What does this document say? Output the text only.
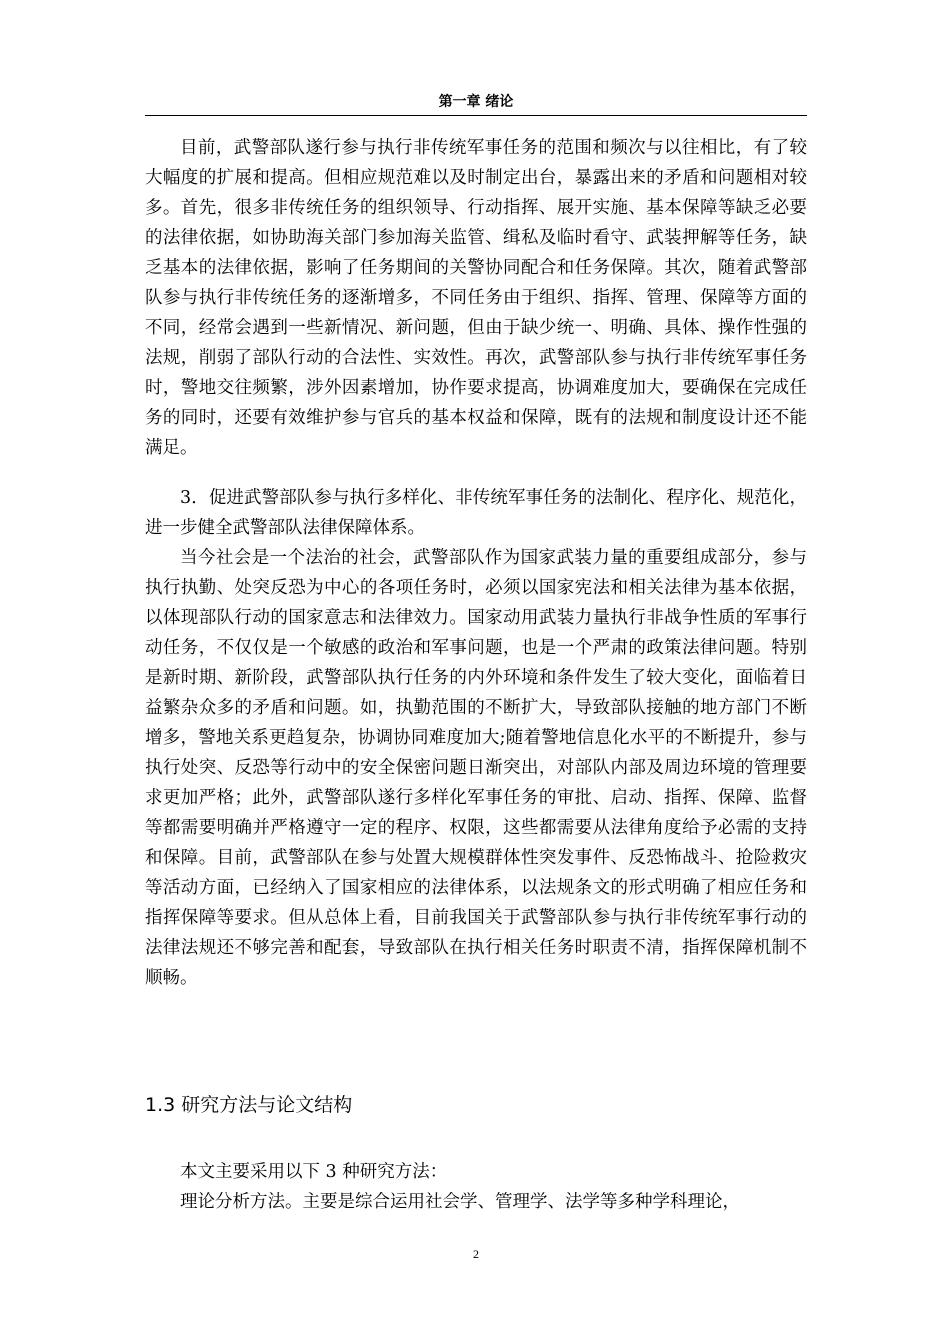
第一章 绪论

目前，武警部队遂行参与执行非传统军事任务的范围和频次与以往相比，有了较大幅度的扩展和提高。但相应规范难以及时制定出台，暴露出来的矛盾和问题相对较多。首先，很多非传统任务的组织领导、行动指挥、展开实施、基本保障等缺乏必要的法律依据，如协助海关部门参加海关监管、缉私及临时看守、武装押解等任务，缺乏基本的法律依据，影响了任务期间的关警协同配合和任务保障。其次，随着武警部队参与执行非传统任务的逐渐增多，不同任务由于组织、指挥、管理、保障等方面的不同，经常会遇到一些新情况、新问题，但由于缺少统一、明确、具体、操作性强的法规，削弱了部队行动的合法性、实效性。再次，武警部队参与执行非传统军事任务时，警地交往频繁，涉外因素增加，协作要求提高，协调难度加大，要确保在完成任务的同时，还要有效维护参与官兵的基本权益和保障，既有的法规和制度设计还不能满足。

3．促进武警部队参与执行多样化、非传统军事任务的法制化、程序化、规范化，进一步健全武警部队法律保障体系。

当今社会是一个法治的社会，武警部队作为国家武装力量的重要组成部分，参与执行执勤、处突反恐为中心的各项任务时，必须以国家宪法和相关法律为基本依据，以体现部队行动的国家意志和法律效力。国家动用武装力量执行非战争性质的军事行动任务，不仅仅是一个敏感的政治和军事问题，也是一个严肃的政策法律问题。特别是新时期、新阶段，武警部队执行任务的内外环境和条件发生了较大变化，面临着日益繁杂众多的矛盾和问题。如，执勤范围的不断扩大，导致部队接触的地方部门不断增多，警地关系更趋复杂，协调协同难度加大;随着警地信息化水平的不断提升，参与执行处突、反恐等行动中的安全保密问题日渐突出，对部队内部及周边环境的管理要求更加严格；此外，武警部队遂行多样化军事任务的审批、启动、指挥、保障、监督等都需要明确并严格遵守一定的程序、权限，这些都需要从法律角度给予必需的支持和保障。目前，武警部队在参与处置大规模群体性突发事件、反恐怖战斗、抢险救灾等活动方面，已经纳入了国家相应的法律体系，以法规条文的形式明确了相应任务和指挥保障等要求。但从总体上看，目前我国关于武警部队参与执行非传统军事行动的法律法规还不够完善和配套，导致部队在执行相关任务时职责不清，指挥保障机制不顺畅。

1.3 研究方法与论文结构

本文主要采用以下 3 种研究方法：

理论分析方法。主要是综合运用社会学、管理学、法学等多种学科理论，

2
